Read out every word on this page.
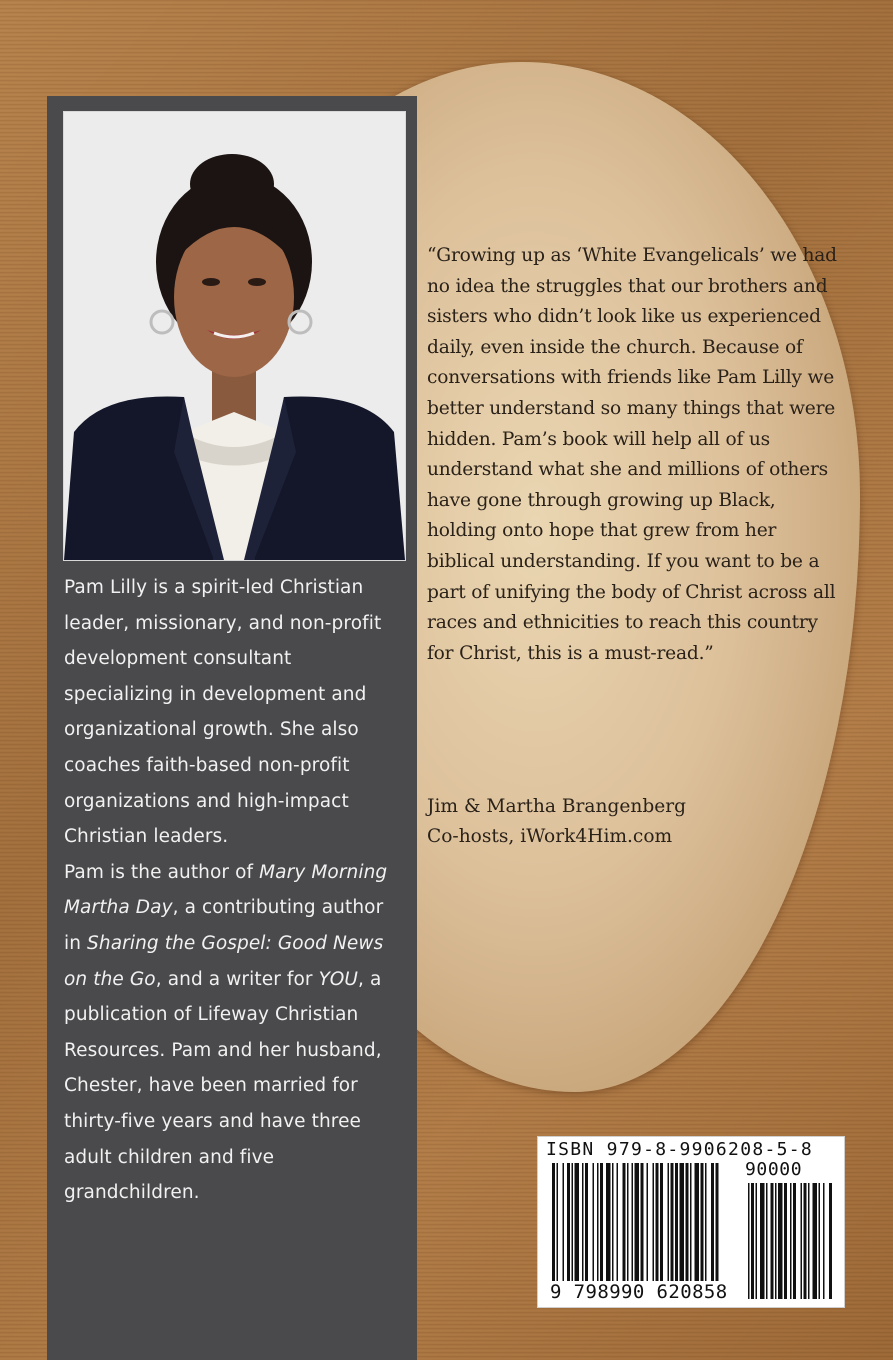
Pam Lilly is a spirit-led Christian leader, missionary, and non-profit development consultant specializing in development and organizational growth. She also coaches faith-based non-profit organizations and high-impact Christian leaders.
Pam is the author of Mary Morning Martha Day, a contributing author in Sharing the Gospel: Good News on the Go, and a writer for YOU, a publication of Lifeway Christian Resources. Pam and her husband, Chester, have been married for thirty-five years and have three adult children and five grandchildren.
“Growing up as ‘White Evangelicals’ we had no idea the struggles that our brothers and sisters who didn’t look like us experienced daily, even inside the church. Because of conversations with friends like Pam Lilly we better understand so many things that were hidden. Pam’s book will help all of us understand what she and millions of others have gone through growing up Black, holding onto hope that grew from her biblical understanding. If you want to be a part of unifying the body of Christ across all races and ethnicities to reach this country for Christ, this is a must-read.”
Jim & Martha Brangenberg
Co-hosts, iWork4Him.com
ISBN 979-8-9906208-5-8
90000
9 798990 620858
